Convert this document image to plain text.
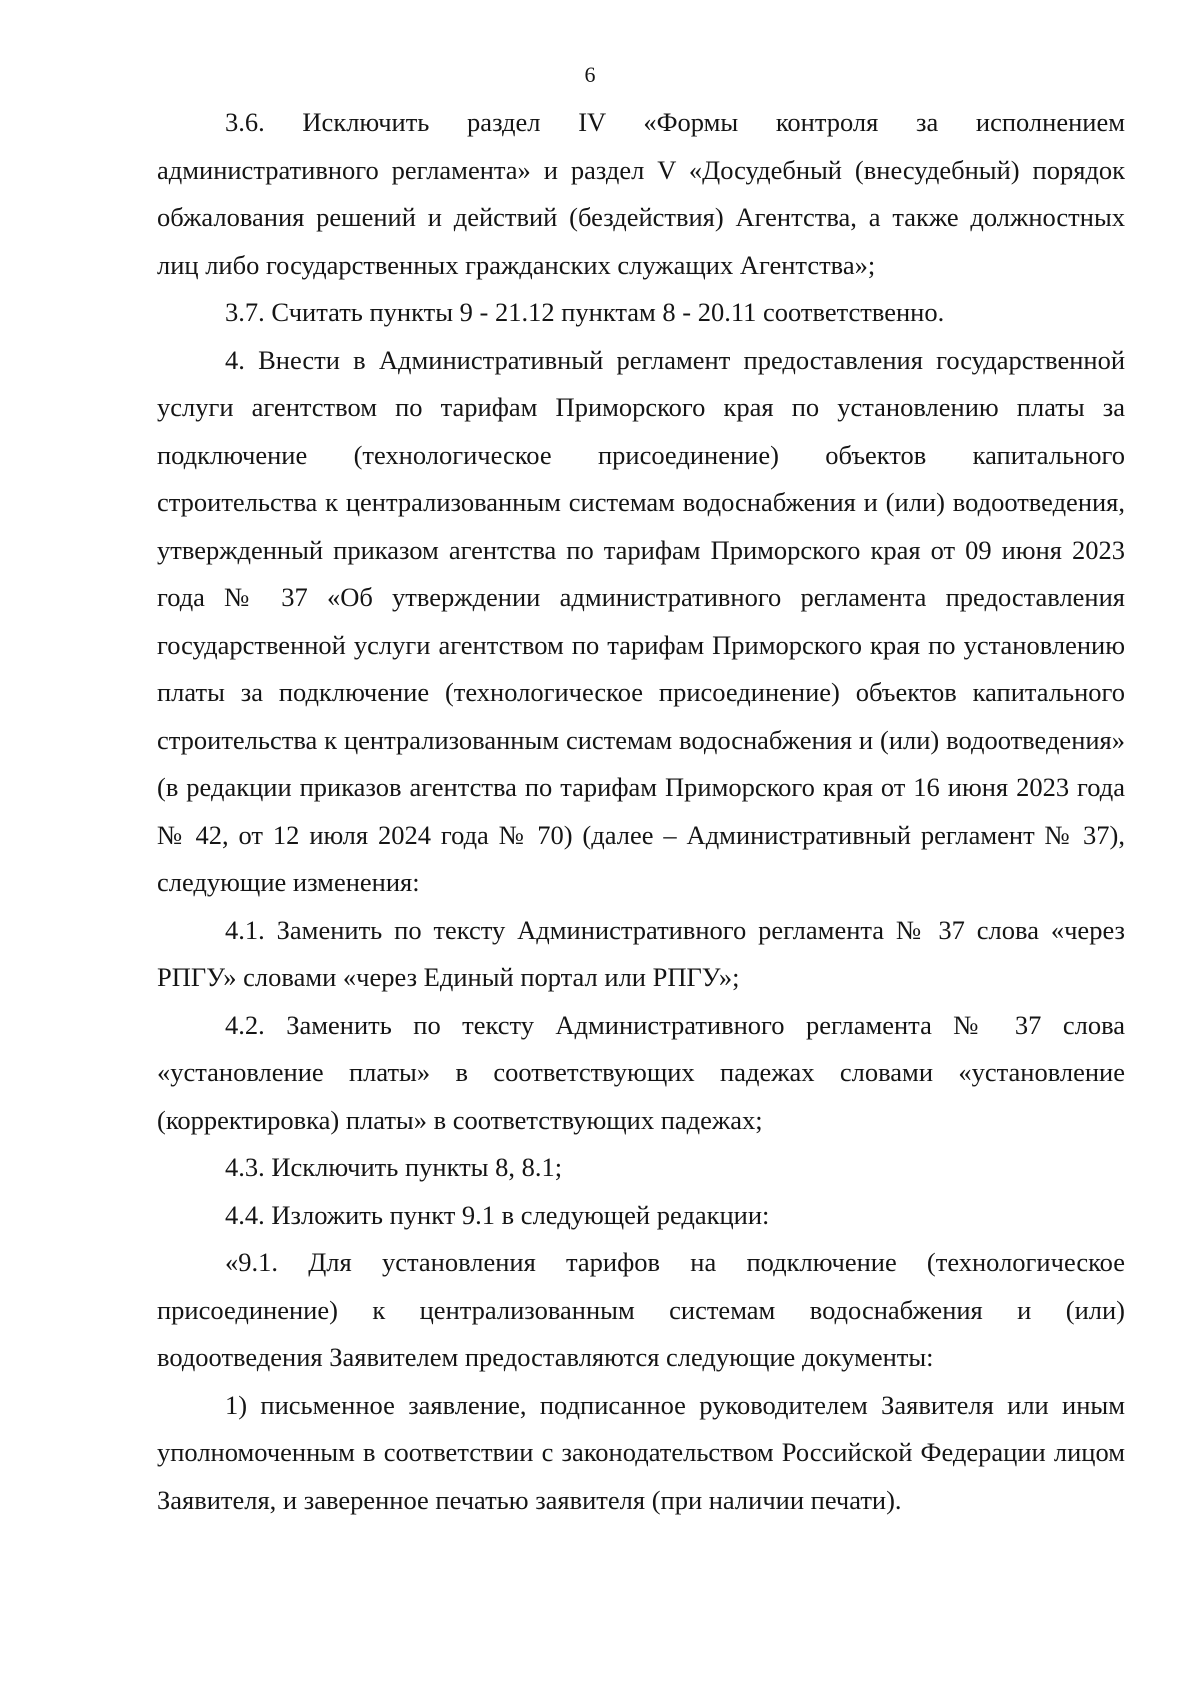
6

3.6. Исключить раздел IV «Формы контроля за исполнением административного регламента» и раздел V «Досудебный (внесудебный) порядок обжалования решений и действий (бездействия) Агентства, а также должностных лиц либо государственных гражданских служащих Агентства»;

3.7. Считать пункты 9 - 21.12 пунктам 8 - 20.11 соответственно.

4. Внести в Административный регламент предоставления государственной услуги агентством по тарифам Приморского края по установлению платы за подключение (технологическое присоединение) объектов капитального строительства к централизованным системам водоснабжения и (или) водоотведения, утвержденный приказом агентства по тарифам Приморского края от 09 июня 2023 года № 37 «Об утверждении административного регламента предоставления государственной услуги агентством по тарифам Приморского края по установлению платы за подключение (технологическое присоединение) объектов капитального строительства к централизованным системам водоснабжения и (или) водоотведения» (в редакции приказов агентства по тарифам Приморского края от 16 июня 2023 года № 42, от 12 июля 2024 года № 70) (далее – Административный регламент № 37), следующие изменения:

4.1. Заменить по тексту Административного регламента № 37 слова «через РПГУ» словами «через Единый портал или РПГУ»;

4.2. Заменить по тексту Административного регламента № 37 слова «установление платы» в соответствующих падежах словами «установление (корректировка) платы» в соответствующих падежах;

4.3. Исключить пункты 8, 8.1;

4.4. Изложить пункт 9.1 в следующей редакции:

«9.1. Для установления тарифов на подключение (технологическое присоединение) к централизованным системам водоснабжения и (или) водоотведения Заявителем предоставляются следующие документы:

1) письменное заявление, подписанное руководителем Заявителя или иным уполномоченным в соответствии с законодательством Российской Федерации лицом Заявителя, и заверенное печатью заявителя (при наличии печати).
